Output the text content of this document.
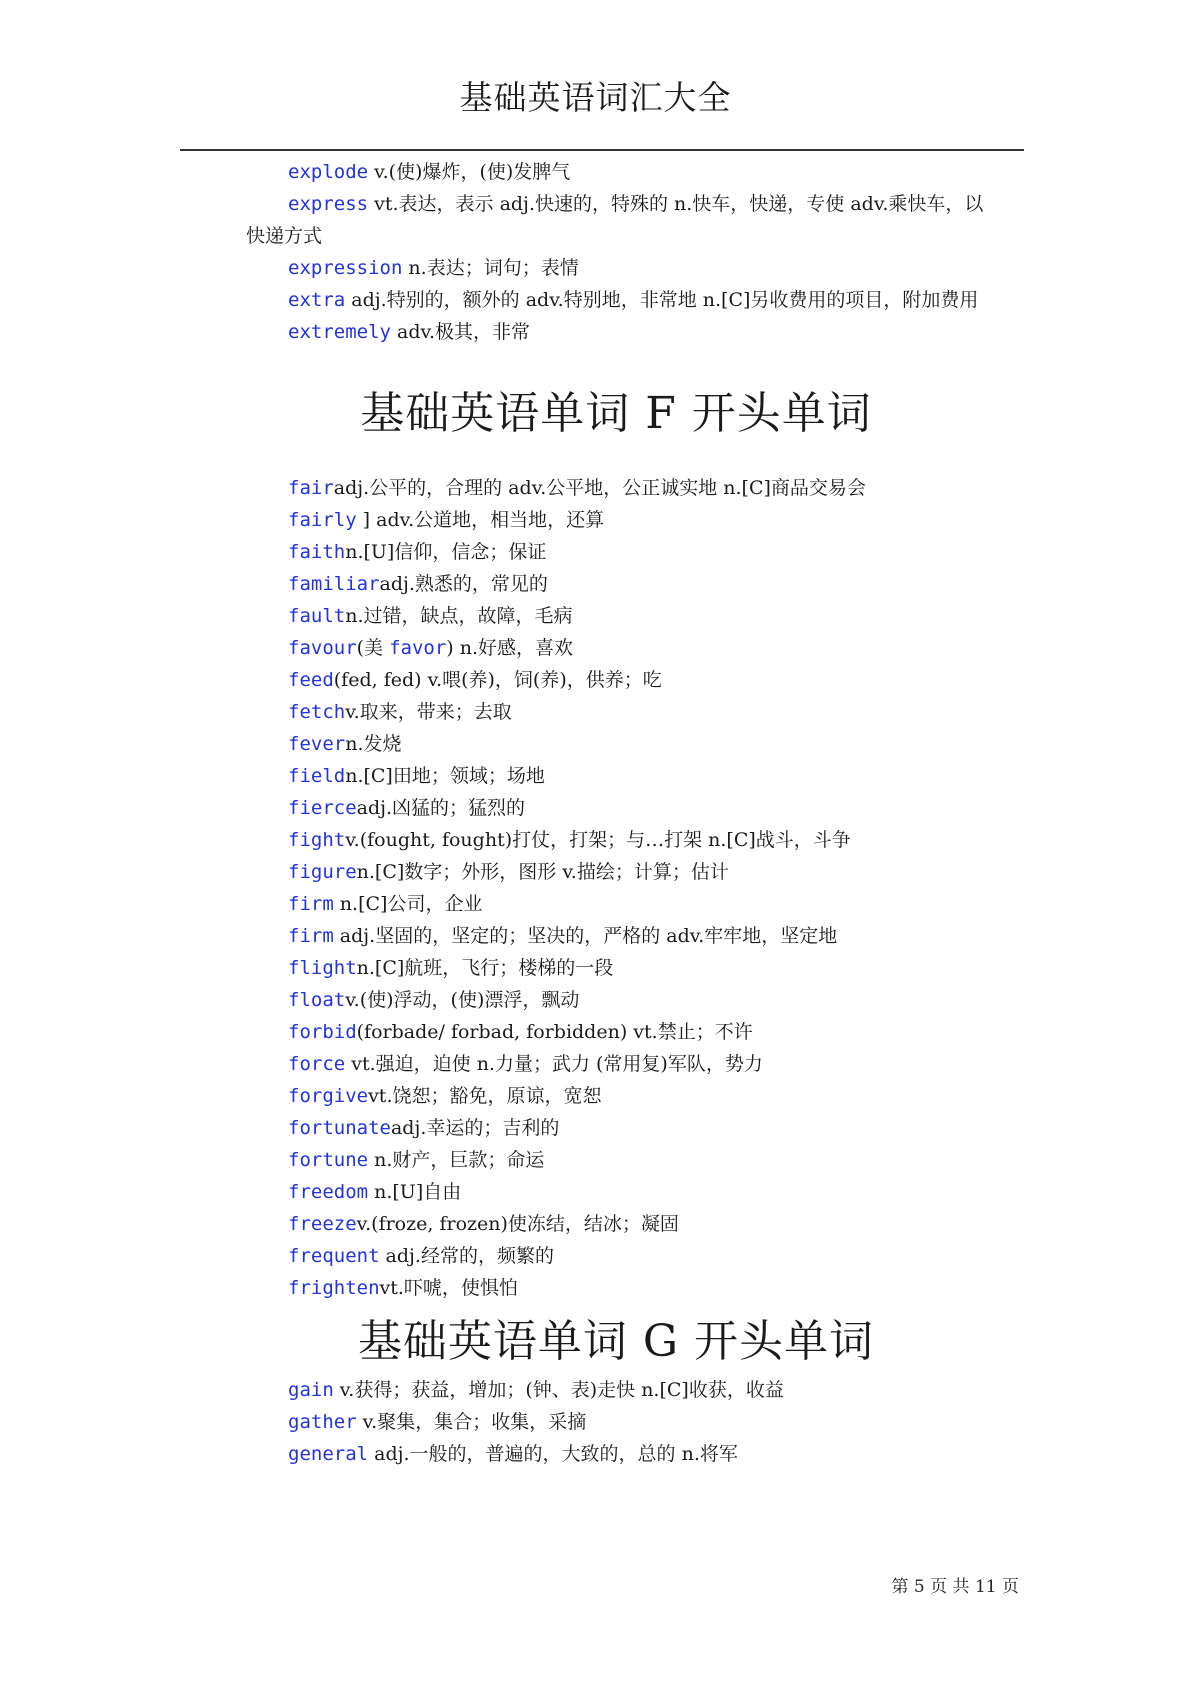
基础英语词汇大全

explode v.(使)爆炸，(使)发脾气

express vt.表达，表示 adj.快速的，特殊的 n.快车，快递，专使 adv.乘快车，以快递方式

expression n.表达；词句；表情

extra adj.特别的，额外的 adv.特别地，非常地 n.[C]另收费用的项目，附加费用

extremely adv.极其，非常

基础英语单词 F 开头单词

fairadj.公平的，合理的 adv.公平地，公正诚实地 n.[C]商品交易会

fairly ] adv.公道地，相当地，还算

faithn.[U]信仰，信念；保证

familiaradj.熟悉的，常见的

faultn.过错，缺点，故障，毛病

favour(美 favor) n.好感，喜欢

feed(fed, fed) v.喂(养)，饲(养)，供养；吃

fetchv.取来，带来；去取

fevern.发烧

fieldn.[C]田地；领域；场地

fierceadj.凶猛的；猛烈的

fightv.(fought, fought)打仗，打架；与…打架 n.[C]战斗，斗争

figuren.[C]数字；外形，图形 v.描绘；计算；估计

firm n.[C]公司，企业

firm adj.坚固的，坚定的；坚决的，严格的 adv.牢牢地，坚定地

flightn.[C]航班，飞行；楼梯的一段

floatv.(使)浮动，(使)漂浮，飘动

forbid(forbade/ forbad, forbidden) vt.禁止；不许

force vt.强迫，迫使 n.力量；武力 (常用复)军队，势力

forgivevt.饶恕；豁免，原谅，宽恕

fortunateadj.幸运的；吉利的

fortune n.财产，巨款；命运

freedom n.[U]自由

freezev.(froze, frozen)使冻结，结冰；凝固

frequent adj.经常的，频繁的

frightenvt.吓唬，使惧怕

基础英语单词 G 开头单词

gain v.获得；获益，增加；(钟、表)走快 n.[C]收获，收益

gather v.聚集，集合；收集，采摘

general adj.一般的，普遍的，大致的，总的 n.将军

第 5 页 共 11 页
